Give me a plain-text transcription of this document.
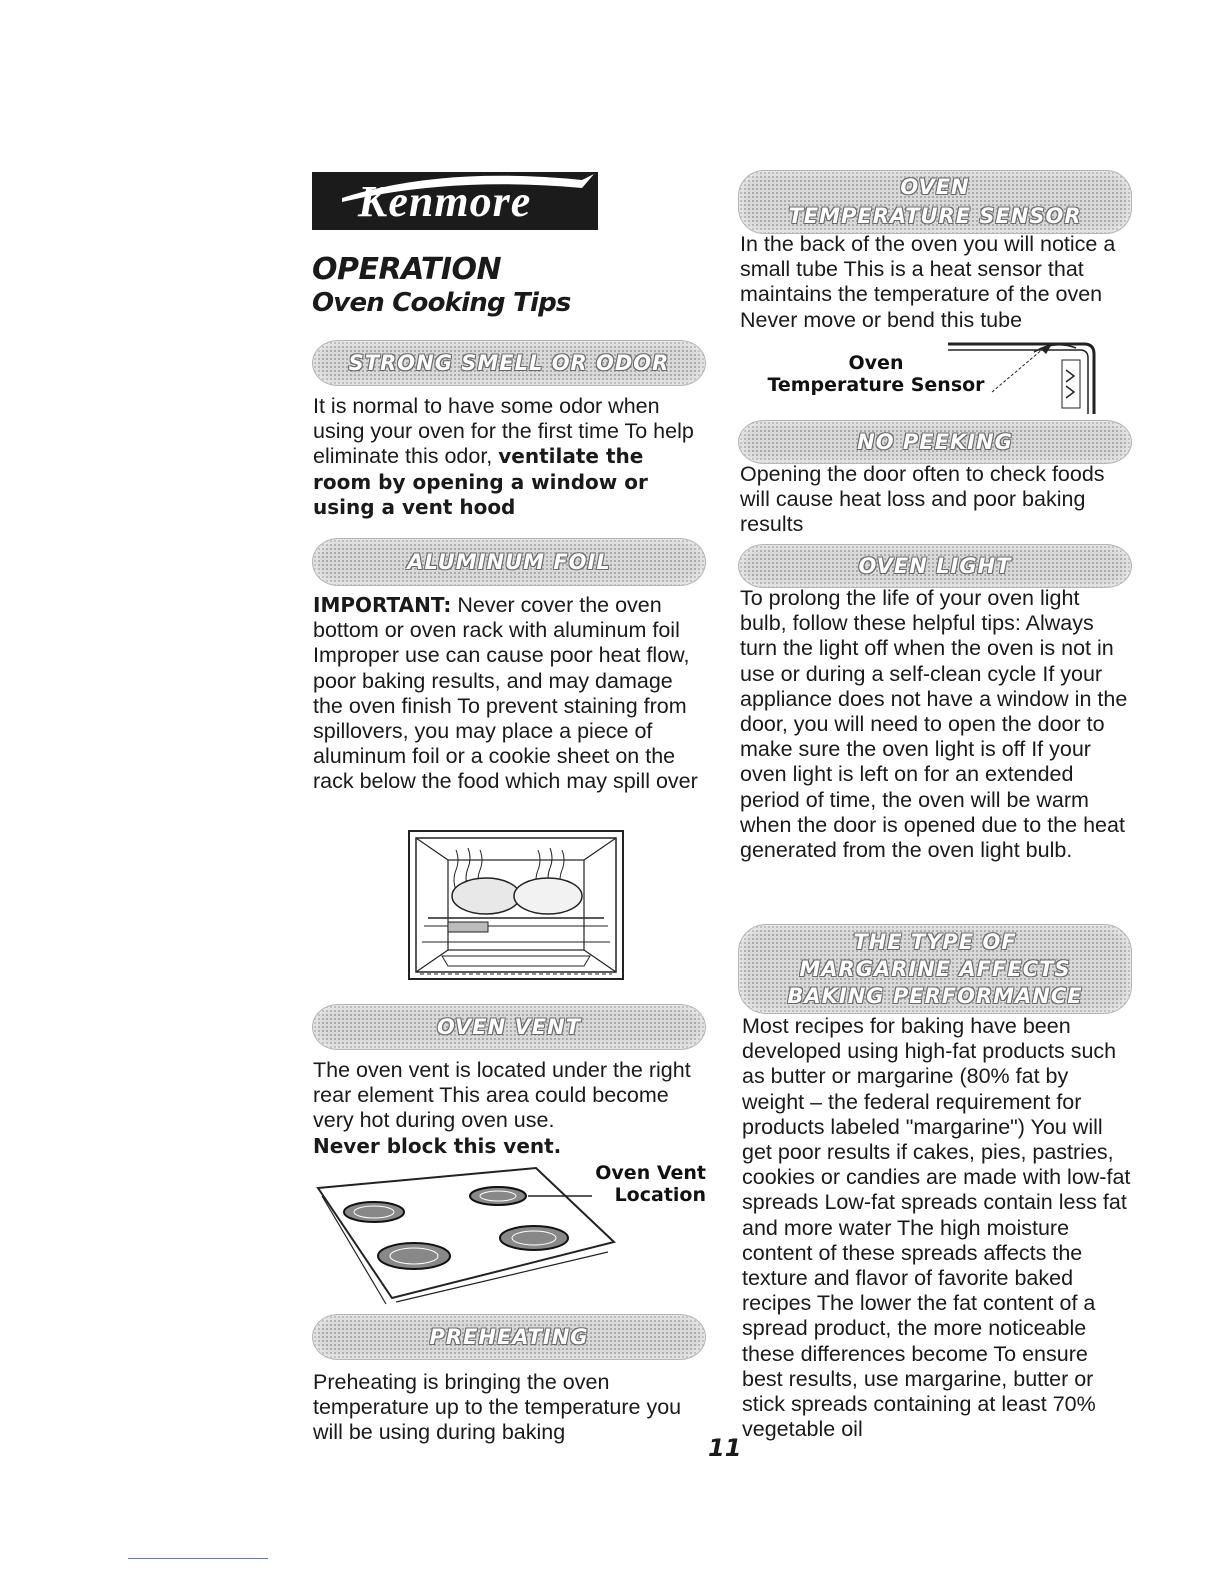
Kenmore
OPERATION
Oven Cooking Tips
STRONG SMELL OR ODOR

It is normal to have some odor when using your oven for the first time To help eliminate this odor, ventilate the room by opening a window or using a vent hood

ALUMINUM FOIL

IMPORTANT: Never cover the oven bottom or oven rack with aluminum foil Improper use can cause poor heat flow, poor baking results, and may damage the oven finish To prevent staining from spillovers, you may place a piece of aluminum foil or a cookie sheet on the rack below the food which may spill over

OVEN VENT

The oven vent is located under the right rear element This area could become very hot during oven use.
Never block this vent.

Oven Vent
Location
PREHEATING

Preheating is bringing the oven temperature up to the temperature you will be using during baking

OVEN
TEMPERATURE SENSOR

In the back of the oven you will notice a small tube This is a heat sensor that maintains the temperature of the oven Never move or bend this tube

Oven
Temperature Sensor
NO PEEKING

Opening the door often to check foods will cause heat loss and poor baking results

OVEN LIGHT

To prolong the life of your oven light bulb, follow these helpful tips: Always turn the light off when the oven is not in use or during a self-clean cycle If your appliance does not have a window in the door, you will need to open the door to make sure the oven light is off If your oven light is left on for an extended period of time, the oven will be warm when the door is opened due to the heat generated from the oven light bulb.

THE TYPE OF
MARGARINE AFFECTS
BAKING PERFORMANCE

Most recipes for baking have been developed using high-fat products such as butter or margarine (80% fat by weight – the federal requirement for products labeled "margarine") You will get poor results if cakes, pies, pastries, cookies or candies are made with low-fat spreads Low-fat spreads contain less fat and more water The high moisture content of these spreads affects the texture and flavor of favorite baked recipes The lower the fat content of a spread product, the more noticeable these differences become To ensure best results, use margarine, butter or stick spreads containing at least 70% vegetable oil

11
